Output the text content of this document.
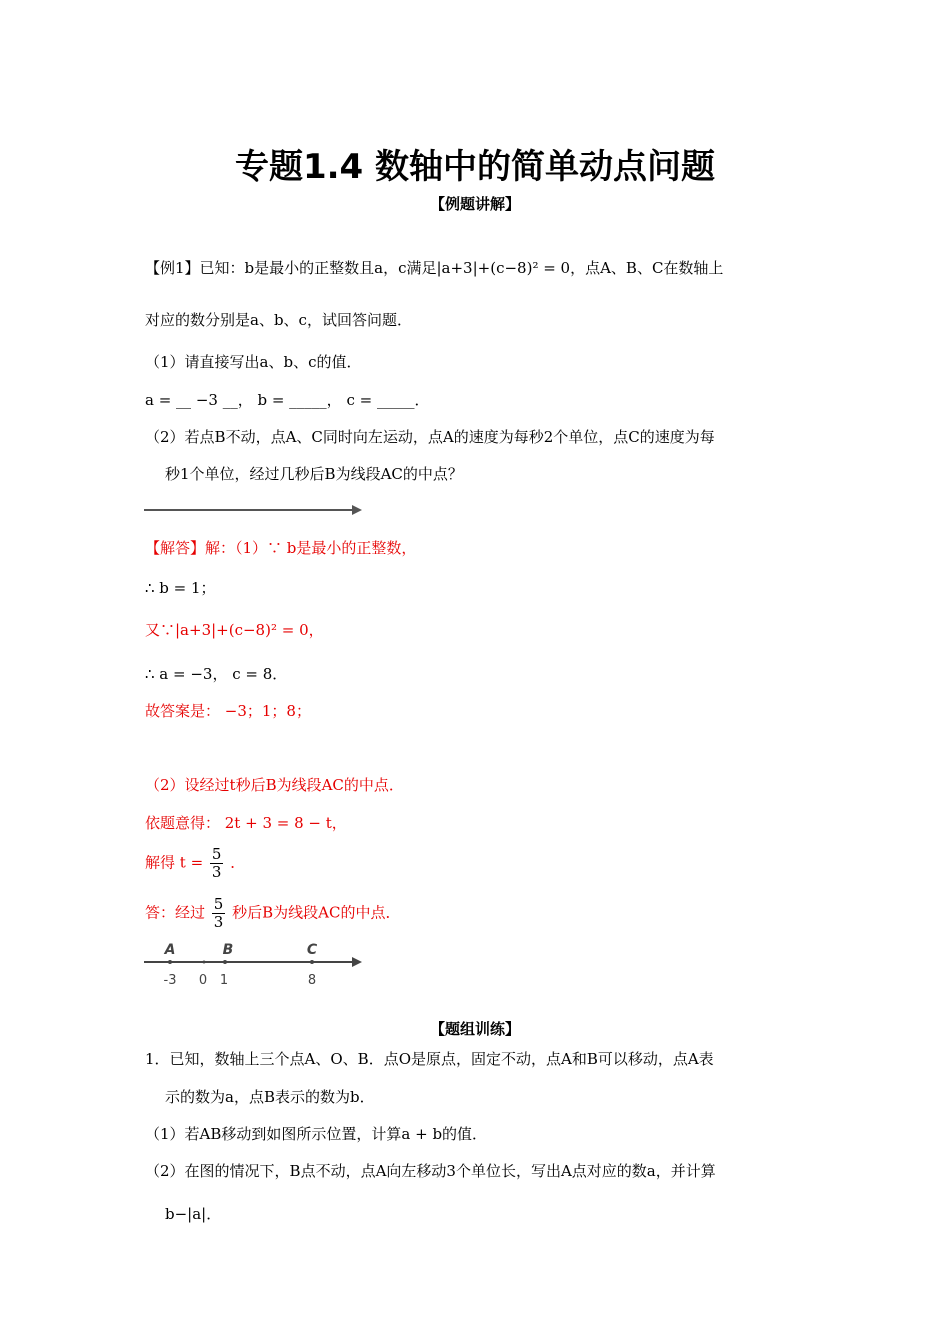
专题1.4 数轴中的简单动点问题
【例题讲解】
【例1】已知：b是最小的正整数且a，c满足|a+3|+(c−8)² = 0，点A、B、C在数轴上
对应的数分别是a、b、c，试回答问题．
（1）请直接写出a、b、c的值．
a = __ −3 __， b = _____， c = _____．
（2）若点B不动，点A、C同时向左运动，点A的速度为每秒2个单位，点C的速度为每
秒1个单位，经过几秒后B为线段AC的中点？
【解答】解：（1）∵ b是最小的正整数，
∴ b = 1；
又∵|a+3|+(c−8)² = 0，
∴ a = −3， c = 8．
故答案是： −3；1；8；
（2）设经过t秒后B为线段AC的中点．
依题意得： 2t + 3 = 8 − t，
解得 $t = \frac{5}{3}$ ．
答：经过 $\frac{5}{3}$ 秒后B为线段AC的中点．
A	B	C
-3 0 1	8
【题组训练】
1．已知，数轴上三个点A、O、B．点O是原点，固定不动，点A和B可以移动，点A表
示的数为a，点B表示的数为b．
（1）若AB移动到如图所示位置，计算a + b的值．
（2）在图的情况下，B点不动，点A向左移动3个单位长，写出A点对应的数a，并计算
b−|a|．
